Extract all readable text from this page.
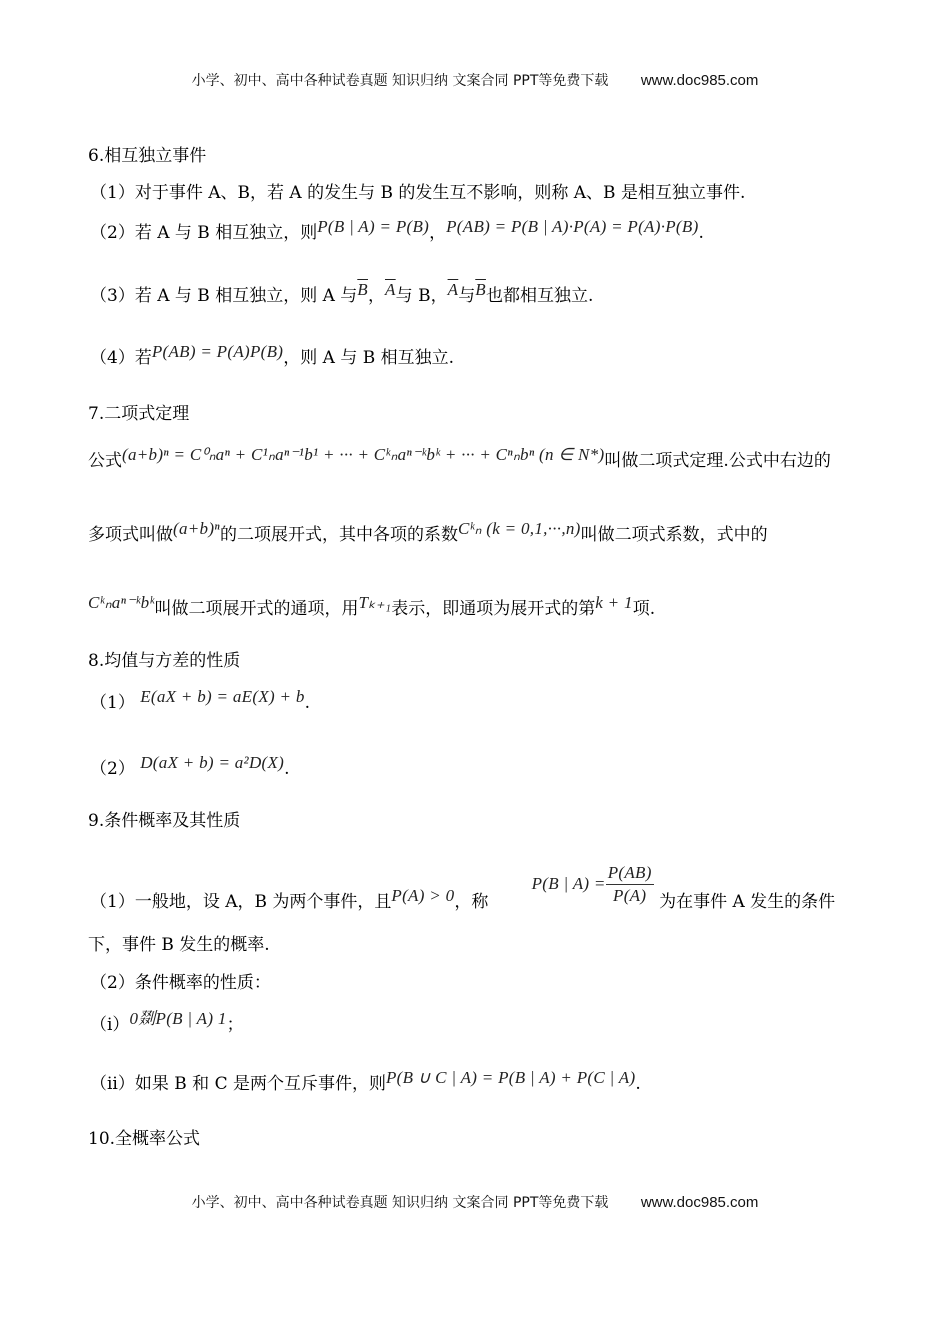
小学、初中、高中各种试卷真题 知识归纳 文案合同 PPT等免费下载 www.doc985.com
6.相互独立事件
（1）对于事件 A、B，若 A 的发生与 B 的发生互不影响，则称 A、B 是相互独立事件.
（2）若 A 与 B 相互独立，则P(B | A) = P(B)，P(AB) = P(B | A)·P(A) = P(A)·P(B).
（3）若 A 与 B 相互独立，则 A 与$\overline{B}$，$\overline{A}$与 B，$\overline{A}$与$\overline{B}$也都相互独立.
（4）若P(AB) = P(A)P(B)，则 A 与 B 相互独立.
7.二项式定理
公式(a+b)ⁿ = C⁰ₙaⁿ + C¹ₙaⁿ⁻¹b¹ + ··· + Cᵏₙaⁿ⁻ᵏbᵏ + ··· + Cⁿₙbⁿ (n ∈ N*)叫做二项式定理.公式中右边的
多项式叫做(a+b)ⁿ的二项展开式，其中各项的系数Cᵏₙ (k = 0,1,···,n)叫做二项式系数，式中的
Cᵏₙaⁿ⁻ᵏbᵏ叫做二项展开式的通项，用Tₖ₊₁表示，即通项为展开式的第k + 1项.
8.均值与方差的性质
（1） E(aX + b) = aE(X) + b.
（2） D(aX + b) = a²D(X).
9.条件概率及其性质
（1）一般地，设 A，B 为两个事件，且P(A) > 0，称        P(B | $A) = \frac{P(AB)}{P(A)}$ 为在事件 A 发生的条件
下，事件 B 发生的概率.
（2）条件概率的性质：
（i）0剟P(B | A) 1；
（ii）如果 B 和 C 是两个互斥事件，则P(B ∪ C | A) = P(B | A) + P(C | A).
10.全概率公式
小学、初中、高中各种试卷真题 知识归纳 文案合同 PPT等免费下载 www.doc985.com
